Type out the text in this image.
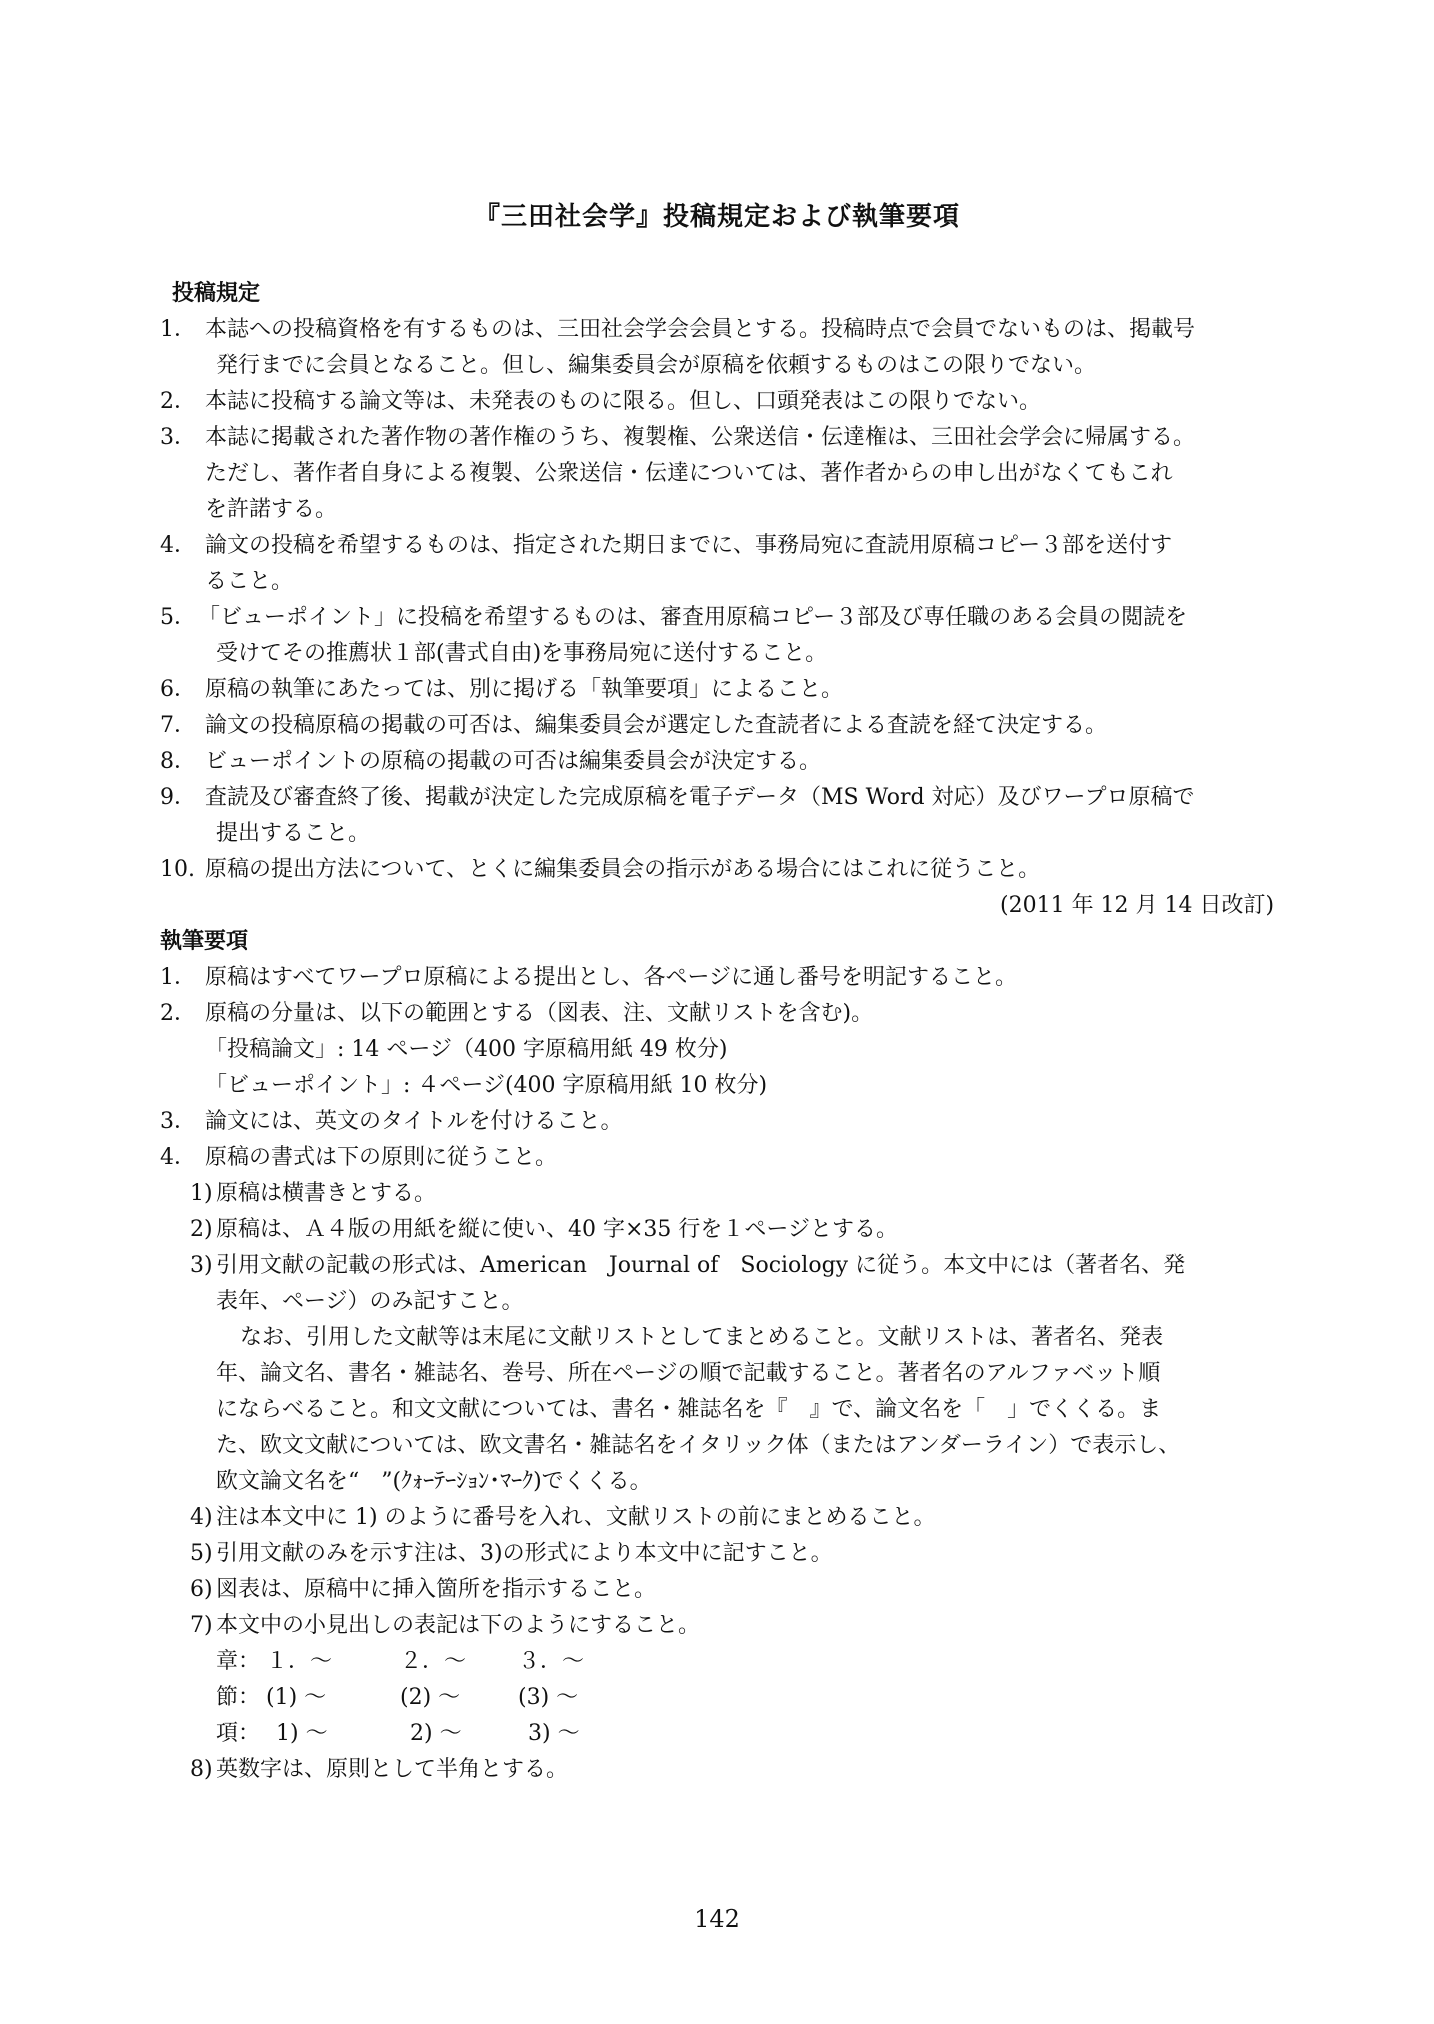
『三田社会学』投稿規定および執筆要項
投稿規定
1． 本誌への投稿資格を有するものは、三田社会学会会員とする。投稿時点で会員でないものは、掲載号
発行までに会員となること。但し、編集委員会が原稿を依頼するものはこの限りでない。
2． 本誌に投稿する論文等は、未発表のものに限る。但し、口頭発表はこの限りでない。
3． 本誌に掲載された著作物の著作権のうち、複製権、公衆送信・伝達権は、三田社会学会に帰属する。
ただし、著作者自身による複製、公衆送信・伝達については、著作者からの申し出がなくてもこれ
を許諾する。
4． 論文の投稿を希望するものは、指定された期日までに、事務局宛に査読用原稿コピー３部を送付す
ること。
5． 「ビューポイント」に投稿を希望するものは、審査用原稿コピー３部及び専任職のある会員の閲読を
受けてその推薦状１部(書式自由)を事務局宛に送付すること。
6． 原稿の執筆にあたっては、別に掲げる「執筆要項」によること。
7． 論文の投稿原稿の掲載の可否は、編集委員会が選定した査読者による査読を経て決定する。
8． ビューポイントの原稿の掲載の可否は編集委員会が決定する。
9． 査読及び審査終了後、掲載が決定した完成原稿を電子データ（MS Word 対応）及びワープロ原稿で
提出すること。
10. 原稿の提出方法について、とくに編集委員会の指示がある場合にはこれに従うこと。
(2011 年 12 月 14 日改訂)
執筆要項
1． 原稿はすべてワープロ原稿による提出とし、各ページに通し番号を明記すること。
2． 原稿の分量は、以下の範囲とする（図表、注、文献リストを含む)。
「投稿論文」: 14 ページ（400 字原稿用紙 49 枚分)
「ビューポイント」: ４ページ(400 字原稿用紙 10 枚分)
3． 論文には、英文のタイトルを付けること。
4． 原稿の書式は下の原則に従うこと。
1) 原稿は横書きとする。
2) 原稿は、Ａ４版の用紙を縦に使い、40 字×35 行を１ページとする。
3) 引用文献の記載の形式は、American　Journal of　Sociology に従う。本文中には（著者名、発
表年、ページ）のみ記すこと。
なお、引用した文献等は末尾に文献リストとしてまとめること。文献リストは、著者名、発表
年、論文名、書名・雑誌名、巻号、所在ページの順で記載すること。著者名のアルファベット順
にならべること。和文文献については、書名・雑誌名を『　』で、論文名を「　」でくくる。ま
た、欧文文献については、欧文書名・雑誌名をイタリック体（またはアンダーライン）で表示し、
欧文論文名を“　”(ｸｫｰﾃｰｼｮﾝ･ﾏｰｸ)でくくる。
4) 注は本文中に 1) のように番号を入れ、文献リストの前にまとめること。
5) 引用文献のみを示す注は、3)の形式により本文中に記すこと。
6) 図表は、原稿中に挿入箇所を指示すること。
7) 本文中の小見出しの表記は下のようにすること。
章： １．～	２．～ ３．～
節： (1) ～	(2) ～	(3) ～
項： 1) ～	2) ～	3) ～
8) 英数字は、原則として半角とする。
142
